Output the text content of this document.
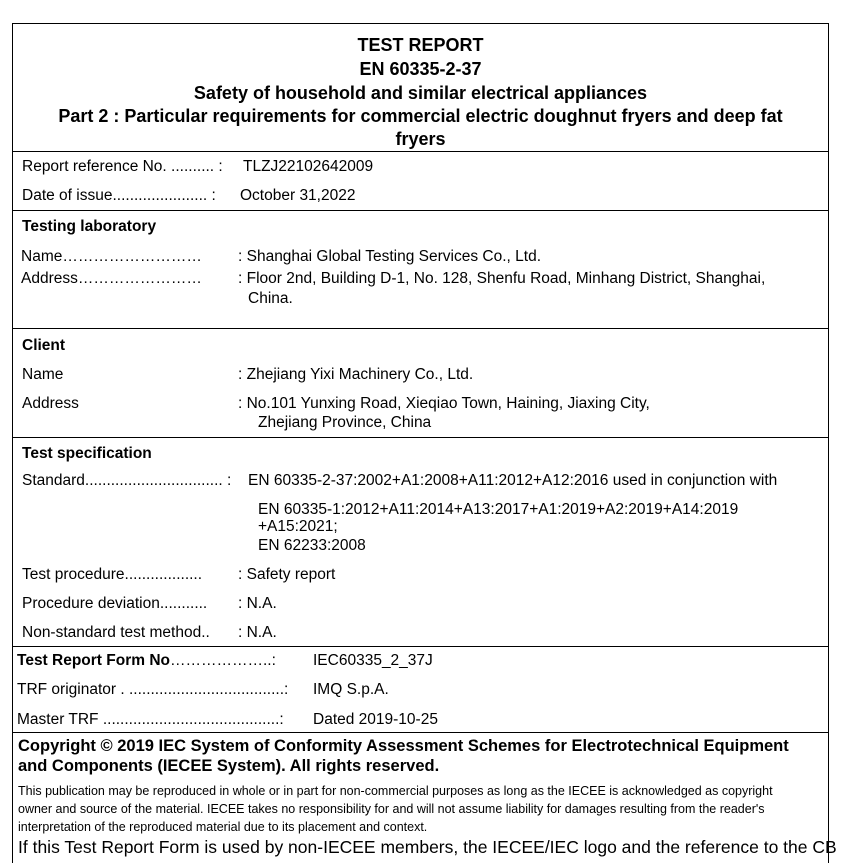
TEST REPORT
EN 60335-2-37
Safety of household and similar electrical appliances
Part 2 : Particular requirements for commercial electric doughnut fryers and deep fat
fryers
Report reference No. .......... : TLZJ22102642009
Date of issue...................... : October 31,2022
Testing laboratory
Name……………………… : Shanghai Global Testing Services Co., Ltd.
Address…………………… : Floor 2nd, Building D-1, No. 128, Shenfu Road, Minhang District, Shanghai,
China.
Client
Name	: Zhejiang Yixi Machinery Co., Ltd.
Address	: No.101 Yunxing Road, Xieqiao Town, Haining, Jiaxing City,
Zhejiang Province, China
Test specification
Standard................................ : EN 60335-2-37:2002+A1:2008+A11:2012+A12:2016 used in conjunction with
EN 60335-1:2012+A11:2014+A13:2017+A1:2019+A2:2019+A14:2019
+A15:2021;
EN 62233:2008
Test procedure.................. : Safety report
Procedure deviation........... : N.A.
Non-standard test method.. : N.A.
Test Report Form No………………..: IEC60335_2_37J
TRF originator . ....................................: IMQ S.p.A.
Master TRF .........................................: Dated 2019-10-25
Copyright © 2019 IEC System of Conformity Assessment Schemes for Electrotechnical Equipment
and Components (IECEE System). All rights reserved.
This publication may be reproduced in whole or in part for non-commercial purposes as long as the IECEE is acknowledged as copyright
owner and source of the material. IECEE takes no responsibility for and will not assume liability for damages resulting from the reader's
interpretation of the reproduced material due to its placement and context.
If this Test Report Form is used by non-IECEE members, the IECEE/IEC logo and the reference to the CB
